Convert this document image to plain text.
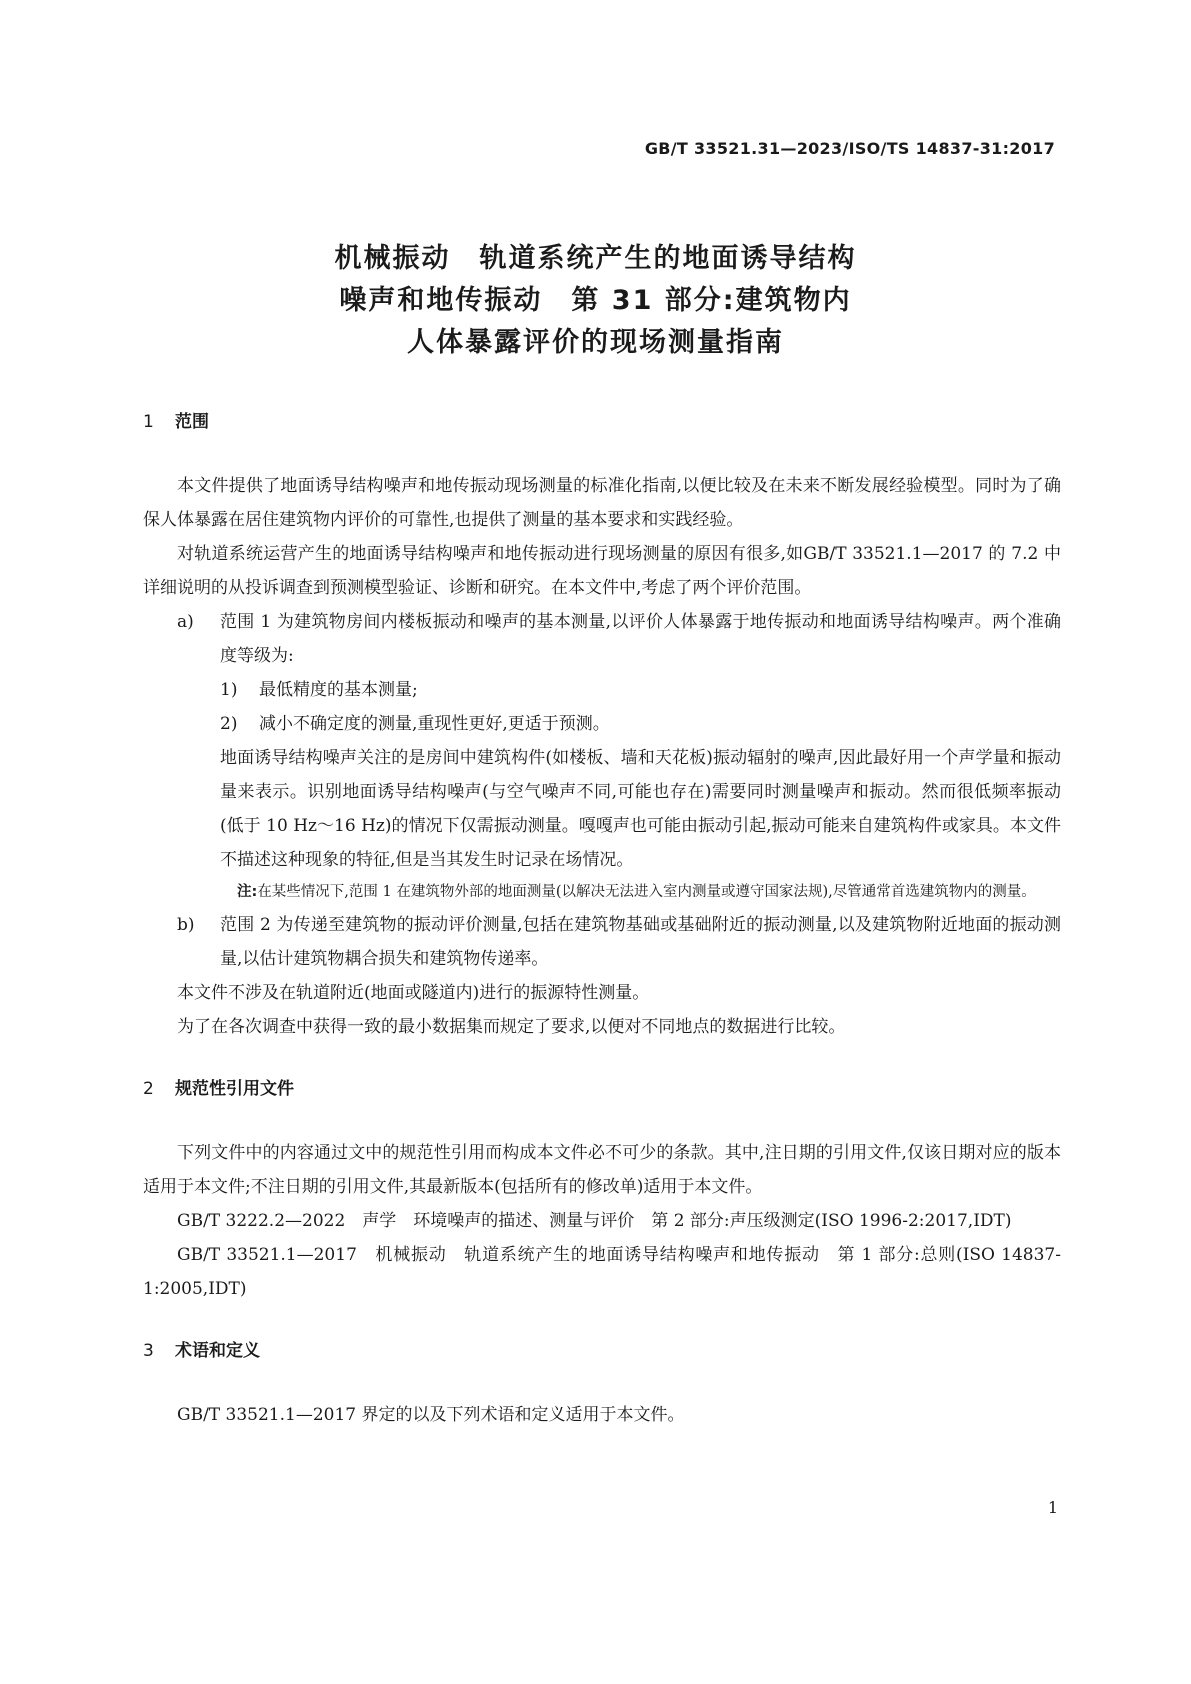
GB/T 33521.31—2023/ISO/TS 14837-31:2017
机械振动　轨道系统产生的地面诱导结构
噪声和地传振动　第 31 部分:建筑物内
人体暴露评价的现场测量指南
1 范围

本文件提供了地面诱导结构噪声和地传振动现场测量的标准化指南,以便比较及在未来不断发展经验模型。同时为了确保人体暴露在居住建筑物内评价的可靠性,也提供了测量的基本要求和实践经验。

对轨道系统运营产生的地面诱导结构噪声和地传振动进行现场测量的原因有很多,如GB/T 33521.1—2017 的 7.2 中详细说明的从投诉调查到预测模型验证、诊断和研究。在本文件中,考虑了两个评价范围。

a) 范围 1 为建筑物房间内楼板振动和噪声的基本测量,以评价人体暴露于地传振动和地面诱导结构噪声。两个准确度等级为:
1) 最低精度的基本测量;
2) 减小不确定度的测量,重现性更好,更适于预测。
地面诱导结构噪声关注的是房间中建筑构件(如楼板、墙和天花板)振动辐射的噪声,因此最好用一个声学量和振动量来表示。识别地面诱导结构噪声(与空气噪声不同,可能也存在)需要同时测量噪声和振动。然而很低频率振动(低于 10 Hz～16 Hz)的情况下仅需振动测量。嘎嘎声也可能由振动引起,振动可能来自建筑构件或家具。本文件不描述这种现象的特征,但是当其发生时记录在场情况。
注:在某些情况下,范围 1 在建筑物外部的地面测量(以解决无法进入室内测量或遵守国家法规),尽管通常首选建筑物内的测量。
b) 范围 2 为传递至建筑物的振动评价测量,包括在建筑物基础或基础附近的振动测量,以及建筑物附近地面的振动测量,以估计建筑物耦合损失和建筑物传递率。

本文件不涉及在轨道附近(地面或隧道内)进行的振源特性测量。

为了在各次调查中获得一致的最小数据集而规定了要求,以便对不同地点的数据进行比较。

2 规范性引用文件

下列文件中的内容通过文中的规范性引用而构成本文件必不可少的条款。其中,注日期的引用文件,仅该日期对应的版本适用于本文件;不注日期的引用文件,其最新版本(包括所有的修改单)适用于本文件。

GB/T 3222.2—2022　声学　环境噪声的描述、测量与评价　第 2 部分:声压级测定(ISO 1996-2:2017,IDT)

GB/T 33521.1—2017　机械振动　轨道系统产生的地面诱导结构噪声和地传振动　第 1 部分:总则(ISO 14837-1:2005,IDT)

3 术语和定义

GB/T 33521.1—2017 界定的以及下列术语和定义适用于本文件。

1
